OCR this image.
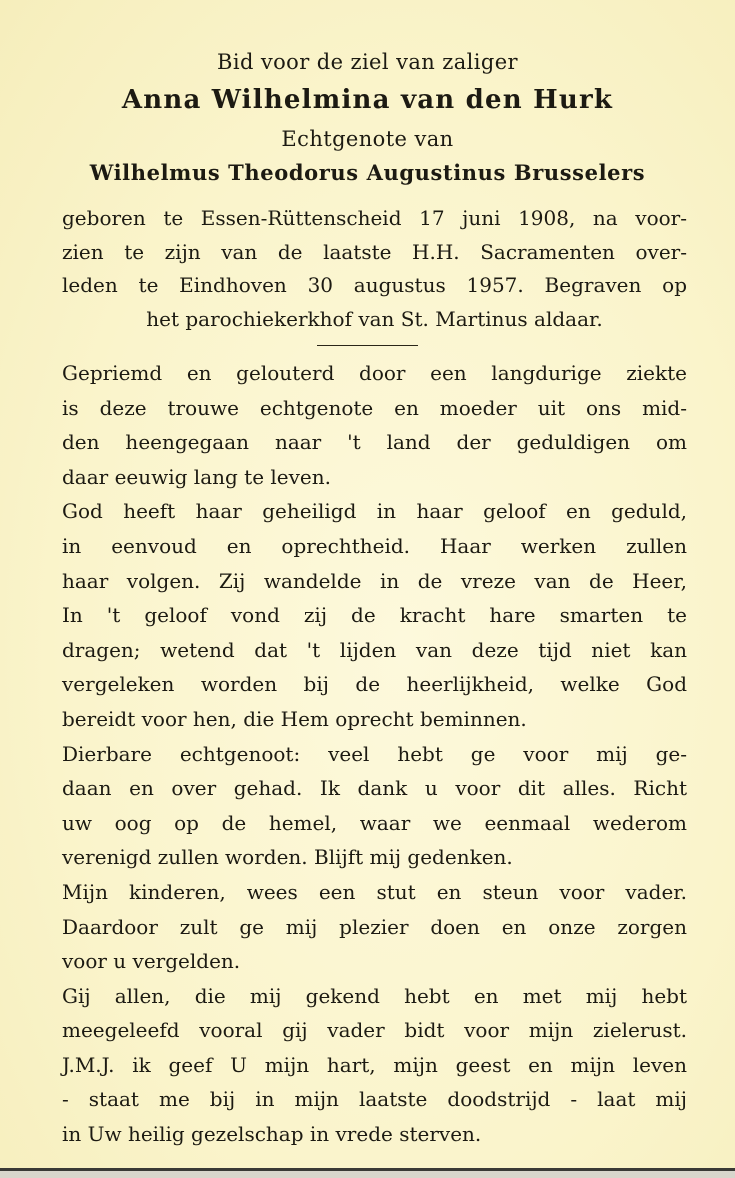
Bid voor de ziel van zaliger
Anna Wilhelmina van den Hurk
Echtgenote van
Wilhelmus Theodorus Augustinus Brusselers
geboren te Essen-Rüttenscheid 17 juni 1908, na voor-
zien te zijn van de laatste H.H. Sacramenten over-
leden te Eindhoven 30 augustus 1957. Begraven op
het parochiekerkhof van St. Martinus aldaar.
Gepriemd en gelouterd door een langdurige ziekte
is deze trouwe echtgenote en moeder uit ons mid-
den heengegaan naar 't land der geduldigen om
daar eeuwig lang te leven.
God heeft haar geheiligd in haar geloof en geduld,
in eenvoud en oprechtheid. Haar werken zullen
haar volgen. Zij wandelde in de vreze van de Heer,
In 't geloof vond zij de kracht hare smarten te
dragen; wetend dat 't lijden van deze tijd niet kan
vergeleken worden bij de heerlijkheid, welke God
bereidt voor hen, die Hem oprecht beminnen.
Dierbare echtgenoot: veel hebt ge voor mij ge-
daan en over gehad. Ik dank u voor dit alles. Richt
uw oog op de hemel, waar we eenmaal wederom
verenigd zullen worden. Blijft mij gedenken.
Mijn kinderen, wees een stut en steun voor vader.
Daardoor zult ge mij plezier doen en onze zorgen
voor u vergelden.
Gij allen, die mij gekend hebt en met mij hebt
meegeleefd vooral gij vader bidt voor mijn zielerust.
J.M.J. ik geef U mijn hart, mijn geest en mijn leven
- staat me bij in mijn laatste doodstrijd - laat mij
in Uw heilig gezelschap in vrede sterven.
